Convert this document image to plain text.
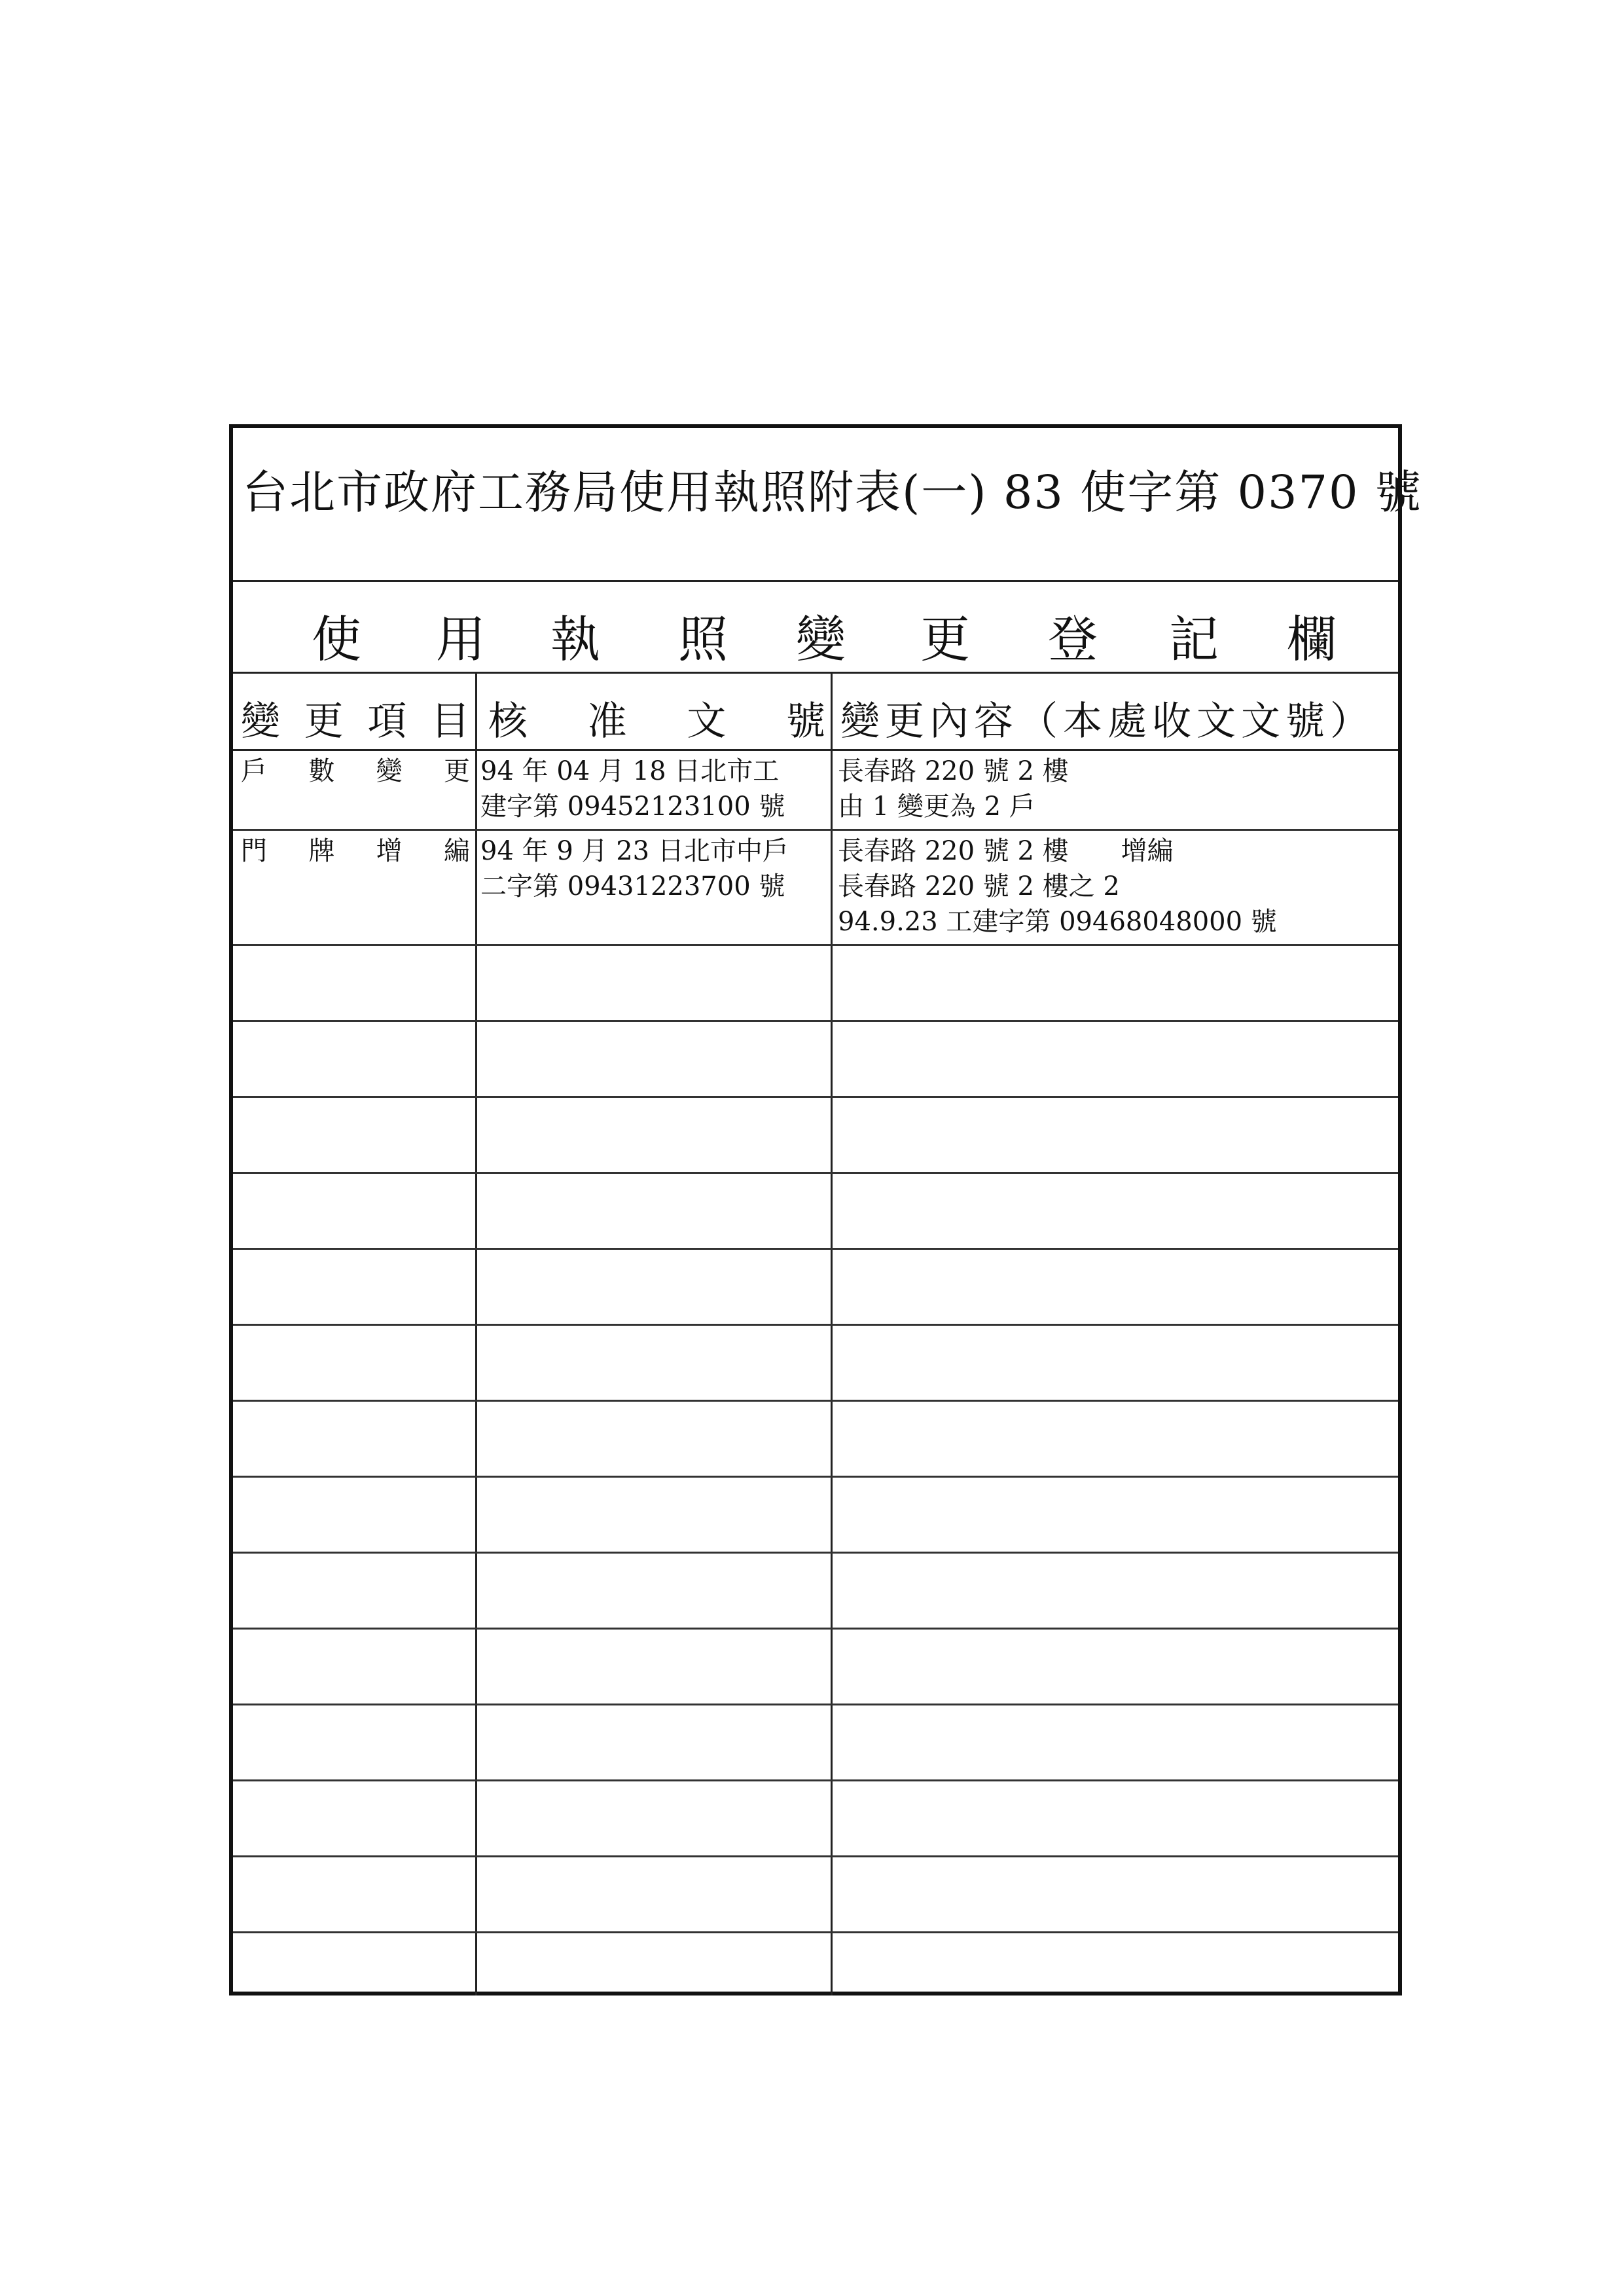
台北市政府工務局使用執照附表(一) 83 使字第 0370 號
使 用 執 照 變 更 登 記 欄
變 更 項 目 核 准 文 號 變更內容（本處收文文號）
戶 數 變 更 94 年 04 月 18 日北市工
建字第 09452123100 號
長春路 220 號 2 樓
由 1 變更為 2 戶
門 牌 增 編 94 年 9 月 23 日北市中戶
二字第 09431223700 號
長春路 220 號 2 樓　　增編
長春路 220 號 2 樓之 2
94.9.23 工建字第 09468048000 號
